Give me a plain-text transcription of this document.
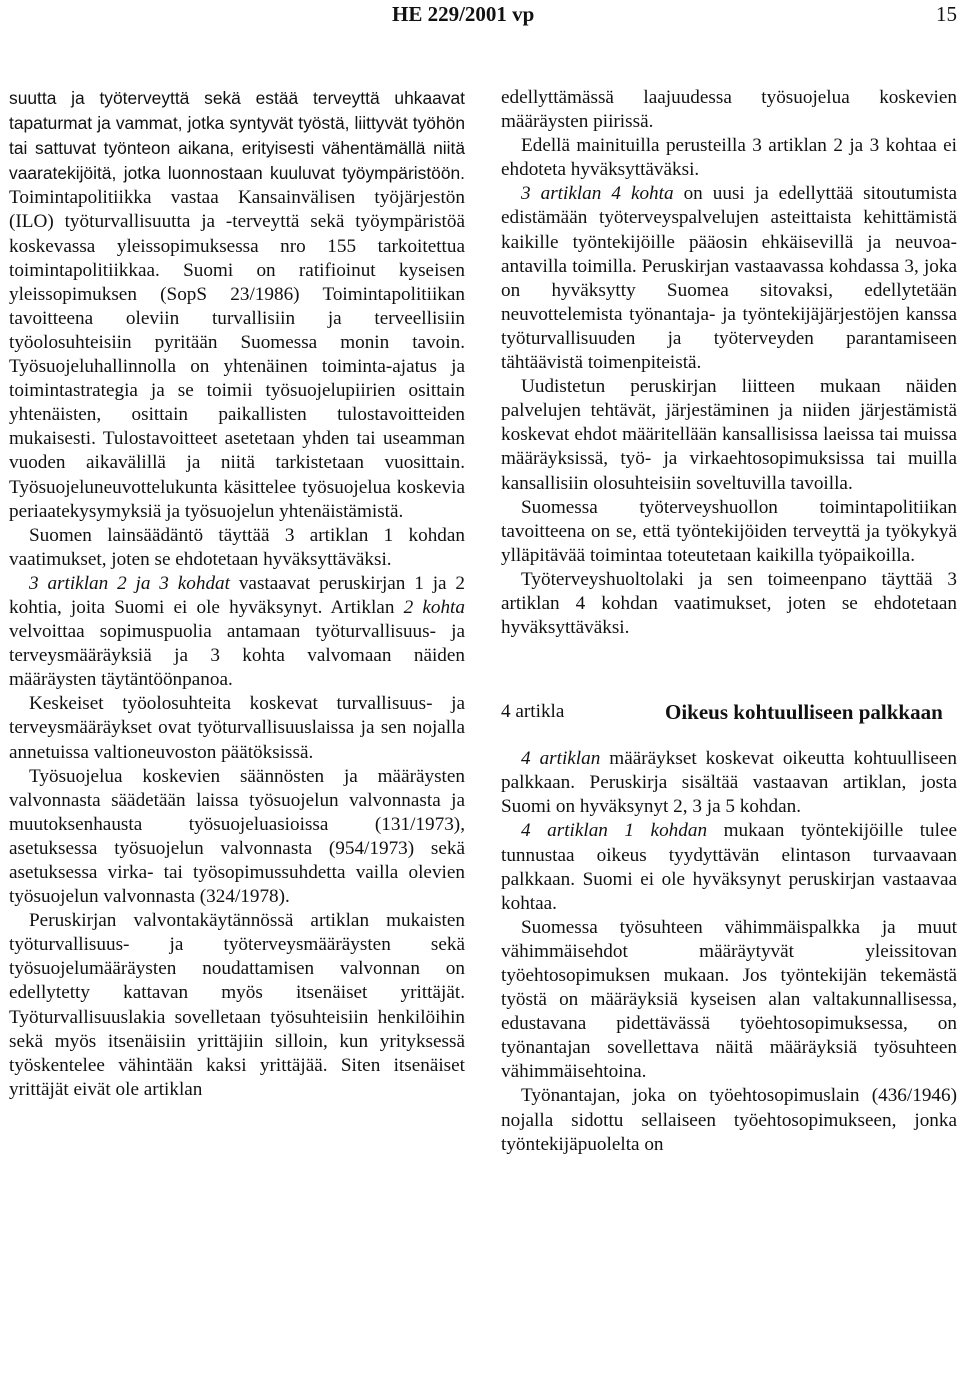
HE 229/2001 vp	15

suutta ja työterveyttä sekä estää terveyttä uhkaavat tapaturmat ja vammat, jotka syntyvät työstä, liittyvät työhön tai sattuvat työnteon aikana, erityisesti vähentämällä niitä vaaratekijöitä, jotka luonnostaan kuuluvat työympäristöön. Toimintapolitiikka vastaa Kansainvälisen työjärjestön (ILO) työturvallisuutta ja -terveyttä sekä työympäristöä koskevassa yleissopimuksessa nro 155 tarkoitettua toimintapolitiikkaa. Suomi on ratifioinut kyseisen yleissopimuksen (SopS 23/1986) Toimintapolitiikan tavoitteena oleviin turvallisiin ja terveellisiin työolosuhteisiin pyritään Suomessa monin tavoin. Työsuojeluhallinnolla on yhtenäinen toiminta-ajatus ja toimintastrategia ja se toimii työsuojelupiirien osittain yhtenäisten, osittain paikallisten tulostavoitteiden mukaisesti. Tulostavoitteet asetetaan yhden tai useamman vuoden aikavälillä ja niitä tarkistetaan vuosittain. Työsuojeluneuvottelukunta käsittelee työsuojelua koskevia periaatekysymyksiä ja työsuojelun yhtenäistämistä.

Suomen lainsäädäntö täyttää 3 artiklan 1 kohdan vaatimukset, joten se ehdotetaan hyväksyttäväksi.

3 artiklan 2 ja 3 kohdat vastaavat peruskirjan 1 ja 2 kohtia, joita Suomi ei ole hyväksynyt. Artiklan 2 kohta velvoittaa sopimuspuolia antamaan työturvallisuus- ja terveysmääräyksiä ja 3 kohta valvomaan näiden määräysten täytäntöönpanoa.

Keskeiset työolosuhteita koskevat turvallisuus- ja terveysmääräykset ovat työturvallisuuslaissa ja sen nojalla annetuissa valtioneuvoston päätöksissä.

Työsuojelua koskevien säännösten ja määräysten valvonnasta säädetään laissa työsuojelun valvonnasta ja muutoksenhausta työsuojeluasioissa (131/1973), asetuksessa työsuojelun valvonnasta (954/1973) sekä asetuksessa virka- tai työsopimussuhdetta vailla olevien työsuojelun valvonnasta (324/1978).

Peruskirjan valvontakäytännössä artiklan mukaisten työturvallisuus- ja työterveysmääräysten sekä työsuojelumääräysten noudattamisen valvonnan on edellytetty kattavan myös itsenäiset yrittäjät. Työturvallisuuslakia sovelletaan työsuhteisiin henkilöihin sekä myös itsenäisiin yrittäjiin silloin, kun yrityksessä työskentelee vähintään kaksi yrittäjää. Siten itsenäiset yrittäjät eivät ole artiklan

edellyttämässä laajuudessa työsuojelua koskevien määräysten piirissä.

Edellä mainituilla perusteilla 3 artiklan 2 ja 3 kohtaa ei ehdoteta hyväksyttäväksi.

3 artiklan 4 kohta on uusi ja edellyttää sitoutumista edistämään työterveyspalvelujen asteittaista kehittämistä kaikille työntekijöille pääosin ehkäisevillä ja neuvoa-antavilla toimilla. Peruskirjan vastaavassa kohdassa 3, joka on hyväksytty Suomea sitovaksi, edellytetään neuvottelemista työnantaja- ja työntekijäjärjestöjen kanssa työturvallisuuden ja työterveyden parantamiseen tähtäävistä toimenpiteistä.

Uudistetun peruskirjan liitteen mukaan näiden palvelujen tehtävät, järjestäminen ja niiden järjestämistä koskevat ehdot määritellään kansallisissa laeissa tai muissa määräyksissä, työ- ja virkaehtosopimuksissa tai muilla kansallisiin olosuhteisiin soveltuvilla tavoilla.

Suomessa työterveyshuollon toimintapolitiikan tavoitteena on se, että työntekijöiden terveyttä ja työkykyä ylläpitävää toimintaa toteutetaan kaikilla työpaikoilla.

Työterveyshuoltolaki ja sen toimeenpano täyttää 3 artiklan 4 kohdan vaatimukset, joten se ehdotetaan hyväksyttäväksi.

4 artikla	Oikeus kohtuulliseen palkkaan

4 artiklan määräykset koskevat oikeutta kohtuulliseen palkkaan. Peruskirja sisältää vastaavan artiklan, josta Suomi on hyväksynyt 2, 3 ja 5 kohdan.

4 artiklan 1 kohdan mukaan työntekijöille tulee tunnustaa oikeus tyydyttävän elintason turvaavaan palkkaan. Suomi ei ole hyväksynyt peruskirjan vastaavaa kohtaa.

Suomessa työsuhteen vähimmäispalkka ja muut vähimmäisehdot määräytyvät yleissitovan työehtosopimuksen mukaan. Jos työntekijän tekemästä työstä on määräyksiä kyseisen alan valtakunnallisessa, edustavana pidettävässä työehtosopimuksessa, on työnantajan sovellettava näitä määräyksiä työsuhteen vähimmäisehtoina.

Työnantajan, joka on työehtosopimuslain (436/1946) nojalla sidottu sellaiseen työehtosopimukseen, jonka työntekijäpuolelta on
